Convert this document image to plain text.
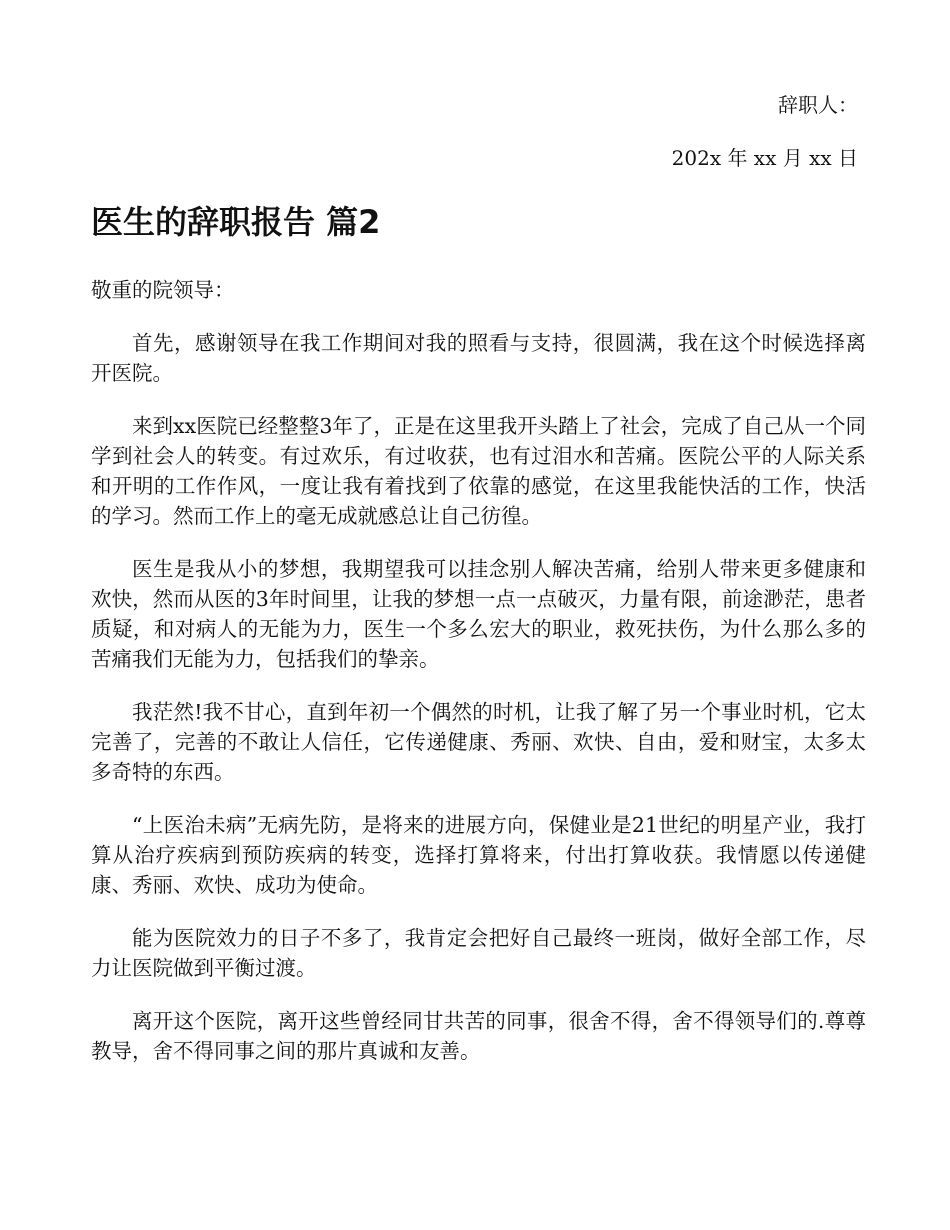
辞职人：
202x 年 xx 月 xx 日
医生的辞职报告 篇2

敬重的院领导：

首先，感谢领导在我工作期间对我的照看与支持，很圆满，我在这个时候选择离开医院。

来到xx医院已经整整3年了，正是在这里我开头踏上了社会，完成了自己从一个同学到社会人的转变。有过欢乐，有过收获，也有过泪水和苦痛。医院公平的人际关系和开明的工作作风，一度让我有着找到了依靠的感觉，在这里我能快活的工作，快活的学习。然而工作上的毫无成就感总让自己彷徨。

医生是我从小的梦想，我期望我可以挂念别人解决苦痛，给别人带来更多健康和欢快，然而从医的3年时间里，让我的梦想一点一点破灭，力量有限，前途渺茫，患者质疑，和对病人的无能为力，医生一个多么宏大的职业，救死扶伤，为什么那么多的苦痛我们无能为力，包括我们的挚亲。

我茫然!我不甘心，直到年初一个偶然的时机，让我了解了另一个事业时机，它太完善了，完善的不敢让人信任，它传递健康、秀丽、欢快、自由，爱和财宝，太多太多奇特的东西。

“上医治未病”无病先防，是将来的进展方向，保健业是21世纪的明星产业，我打算从治疗疾病到预防疾病的转变，选择打算将来，付出打算收获。我情愿以传递健康、秀丽、欢快、成功为使命。

能为医院效力的日子不多了，我肯定会把好自己最终一班岗，做好全部工作，尽力让医院做到平衡过渡。

离开这个医院，离开这些曾经同甘共苦的同事，很舍不得，舍不得领导们的.尊尊教导，舍不得同事之间的那片真诚和友善。
